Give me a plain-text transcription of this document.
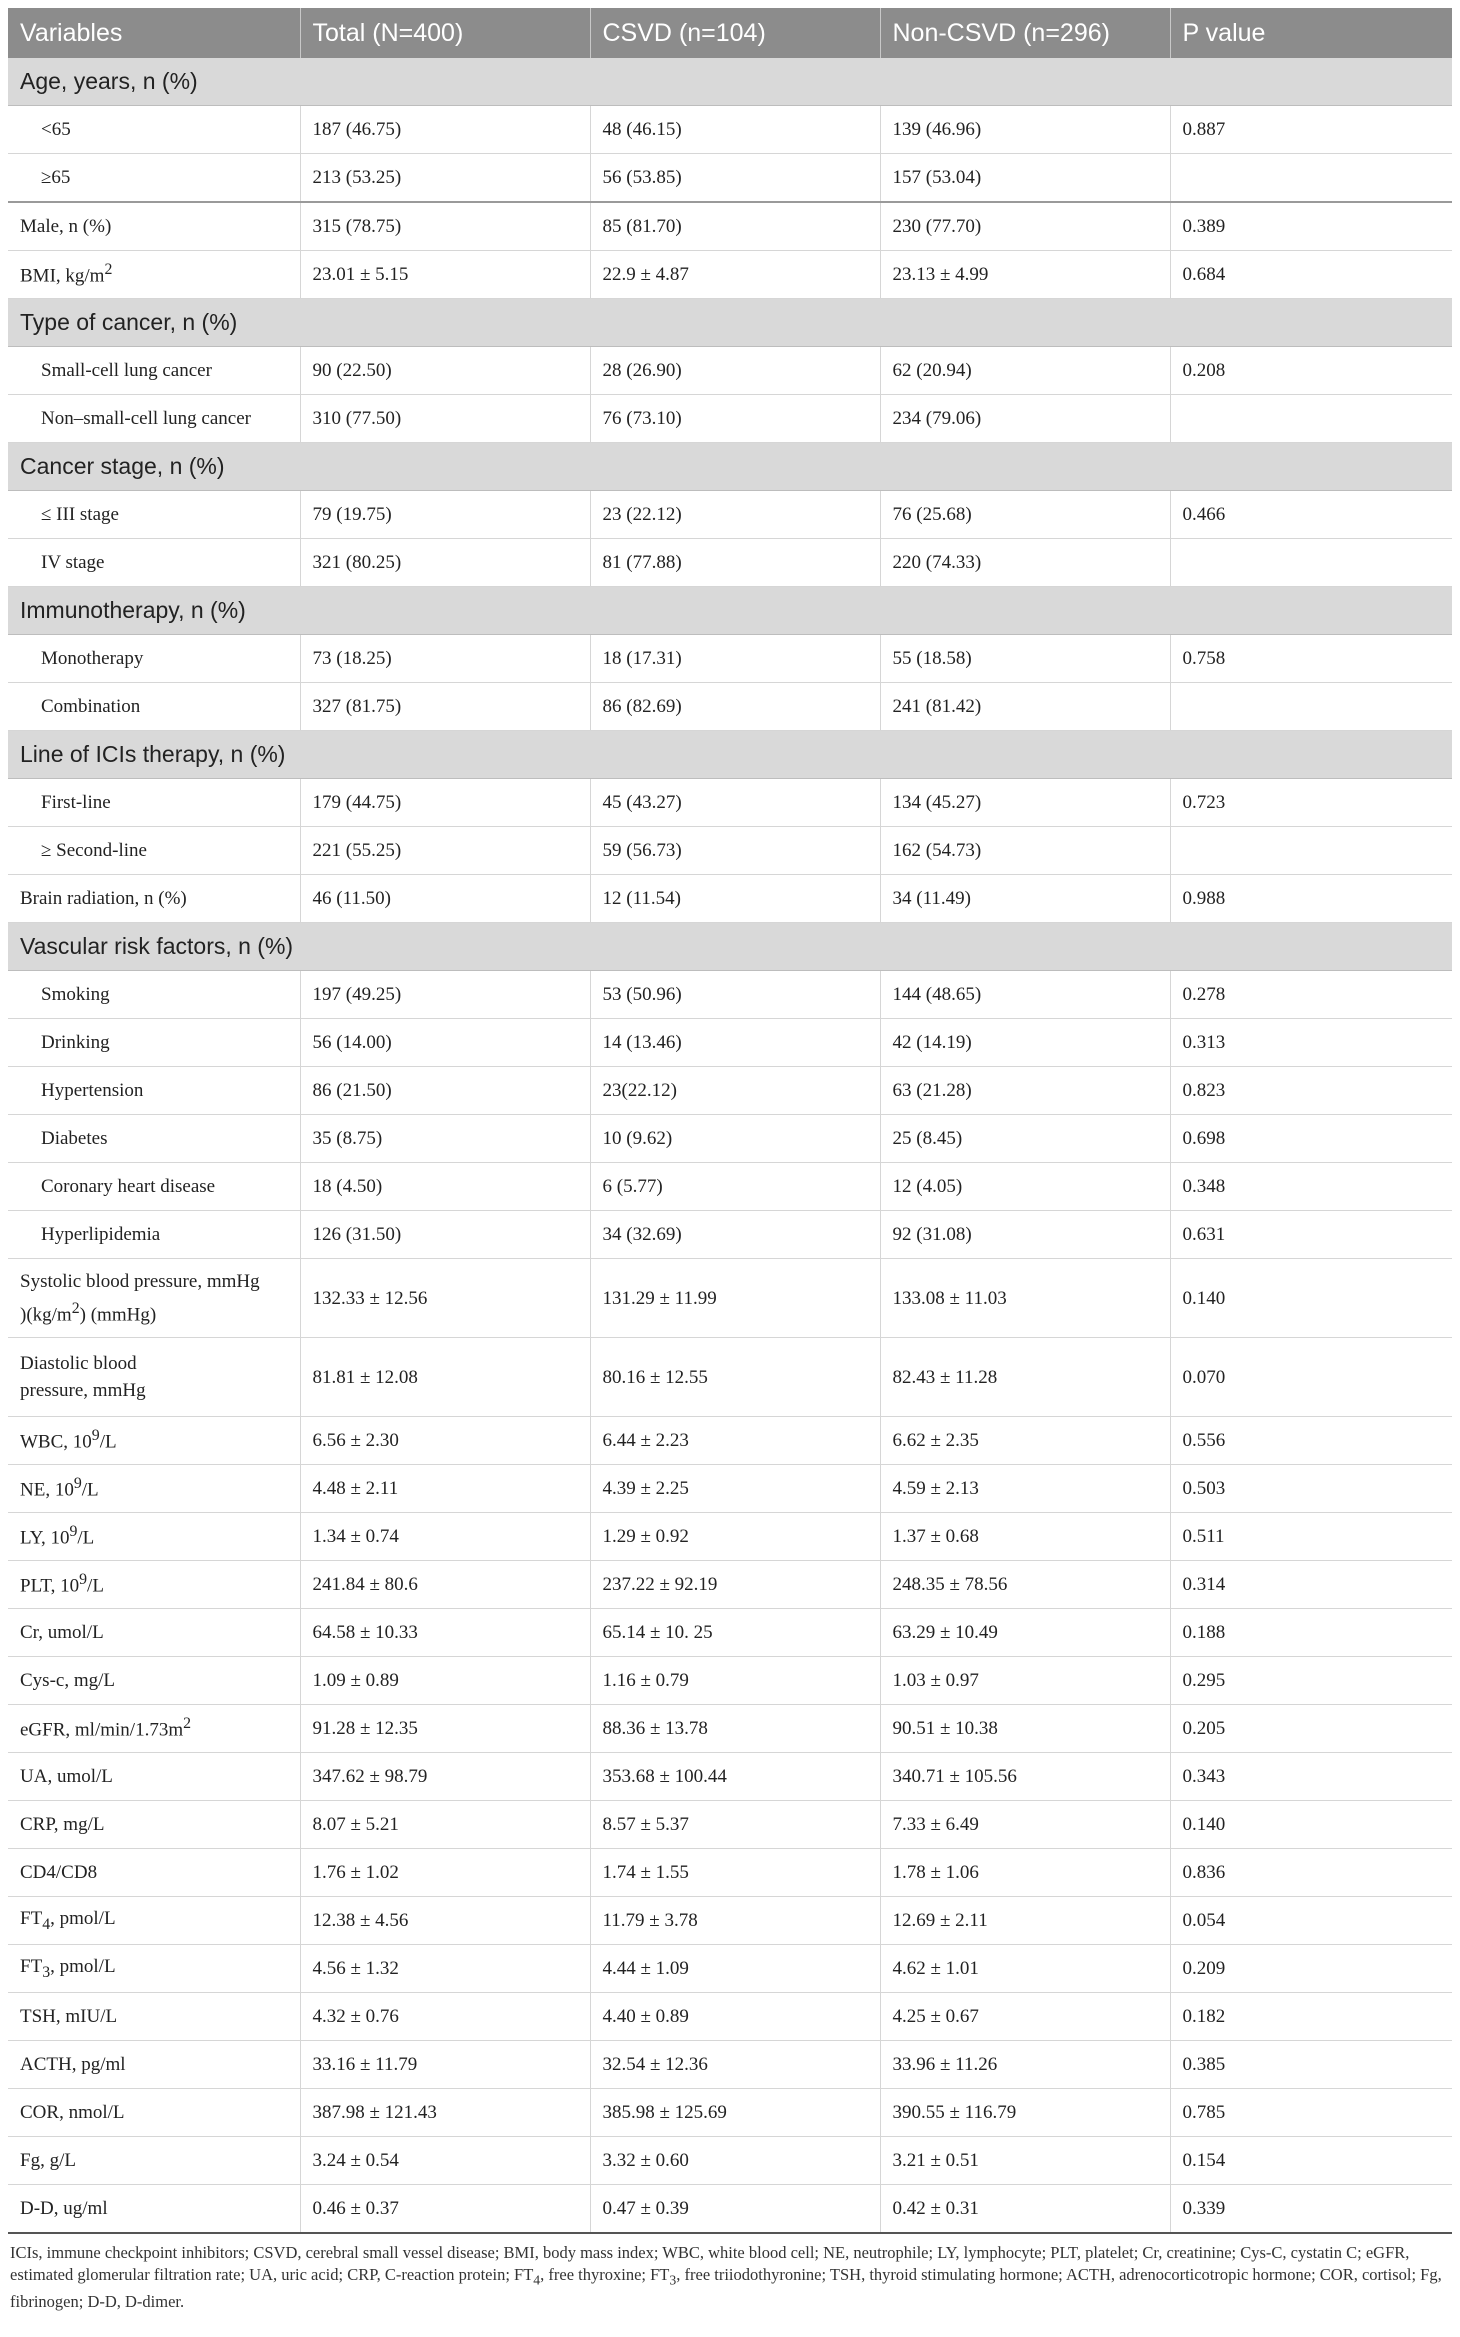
Variables	Total (N=400)	CSVD (n=104)	Non-CSVD (n=296)	P value
Age, years, n (%)				
<65	187 (46.75)	48 (46.15)	139 (46.96)	0.887
≥65	213 (53.25)	56 (53.85)	157 (53.04)	
Male, n (%)	315 (78.75)	85 (81.70)	230 (77.70)	0.389
BMI, $kg/m^2$	23.01 ± 5.15	22.9 ± 4.87	23.13 ± 4.99	0.684
Type of cancer, n (%)				
Small-cell lung cancer	90 (22.50)	28 (26.90)	62 (20.94)	0.208
Non–small-cell lung cancer	310 (77.50)	76 (73.10)	234 (79.06)	
Cancer stage, n (%)				
≤ III stage	79 (19.75)	23 (22.12)	76 (25.68)	0.466
IV stage	321 (80.25)	81 (77.88)	220 (74.33)	
Immunotherapy, n (%)				
Monotherapy	73 (18.25)	18 (17.31)	55 (18.58)	0.758
Combination	327 (81.75)	86 (82.69)	241 (81.42)	
Line of ICIs therapy, n (%)				
First-line	179 (44.75)	45 (43.27)	134 (45.27)	0.723
≥ Second-line	221 (55.25)	59 (56.73)	162 (54.73)	
Brain radiation, n (%)	46 (11.50)	12 (11.54)	34 (11.49)	0.988
Vascular risk factors, n (%)				
Smoking	197 (49.25)	53 (50.96)	144 (48.65)	0.278
Drinking	56 (14.00)	14 (13.46)	42 (14.19)	0.313
Hypertension	86 (21.50)	23(22.12)	63 (21.28)	0.823
Diabetes	35 (8.75)	10 (9.62)	25 (8.45)	0.698
Coronary heart disease	18 (4.50)	6 (5.77)	12 (4.05)	0.348
Hyperlipidemia	126 (31.50)	34 (32.69)	92 (31.08)	0.631
Systolic blood pressure, mmHg
)$(kg/m^2)$ (mmHg)	132.33 ± 12.56	131.29 ± 11.99	133.08 ± 11.03	0.140
Diastolic blood
pressure, mmHg	81.81 ± 12.08	80.16 ± 12.55	82.43 ± 11.28	0.070
WBC, $10^9/L$	6.56 ± 2.30	6.44 ± 2.23	6.62 ± 2.35	0.556
NE, $10^9/L$	4.48 ± 2.11	4.39 ± 2.25	4.59 ± 2.13	0.503
LY, $10^9/L$	1.34 ± 0.74	1.29 ± 0.92	1.37 ± 0.68	0.511
PLT, $10^9/L$	241.84 ± 80.6	237.22 ± 92.19	248.35 ± 78.56	0.314
Cr, umol/L	64.58 ± 10.33	65.14 ± 10. 25	63.29 ± 10.49	0.188
Cys-c, mg/L	1.09 ± 0.89	1.16 ± 0.79	1.03 ± 0.97	0.295
eGFR, $ml/\min/1.73m^2$	91.28 ± 12.35	88.36 ± 13.78	90.51 ± 10.38	0.205
UA, umol/L	347.62 ± 98.79	353.68 ± 100.44	340.71 ± 105.56	0.343
CRP, mg/L	8.07 ± 5.21	8.57 ± 5.37	7.33 ± 6.49	0.140
CD4/CD8	1.76 ± 1.02	1.74 ± 1.55	1.78 ± 1.06	0.836
$FT_4$, pmol/L	12.38 ± 4.56	11.79 ± 3.78	12.69 ± 2.11	0.054
$FT_3$, pmol/L	4.56 ± 1.32	4.44 ± 1.09	4.62 ± 1.01	0.209
TSH, mIU/L	4.32 ± 0.76	4.40 ± 0.89	4.25 ± 0.67	0.182
ACTH, pg/ml	33.16 ± 11.79	32.54 ± 12.36	33.96 ± 11.26	0.385
COR, nmol/L	387.98 ± 121.43	385.98 ± 125.69	390.55 ± 116.79	0.785
Fg, g/L	3.24 ± 0.54	3.32 ± 0.60	3.21 ± 0.51	0.154
D-D, ug/ml	0.46 ± 0.37	0.47 ± 0.39	0.42 ± 0.31	0.339
ICIs, immune checkpoint inhibitors; CSVD, cerebral small vessel disease; BMI, body mass index; WBC, white blood cell; NE, neutrophile; LY, lymphocyte; PLT, platelet; Cr, creatinine; Cys-C, cystatin C; eGFR, estimated glomerular filtration rate; UA, uric acid; CRP, C-reaction protein; $FT_4$, free thyroxine; $FT_3$, free triiodothyronine; TSH, thyroid stimulating hormone; ACTH, adrenocorticotropic hormone; COR, cortisol; Fg, fibrinogen; D-D, D-dimer.
